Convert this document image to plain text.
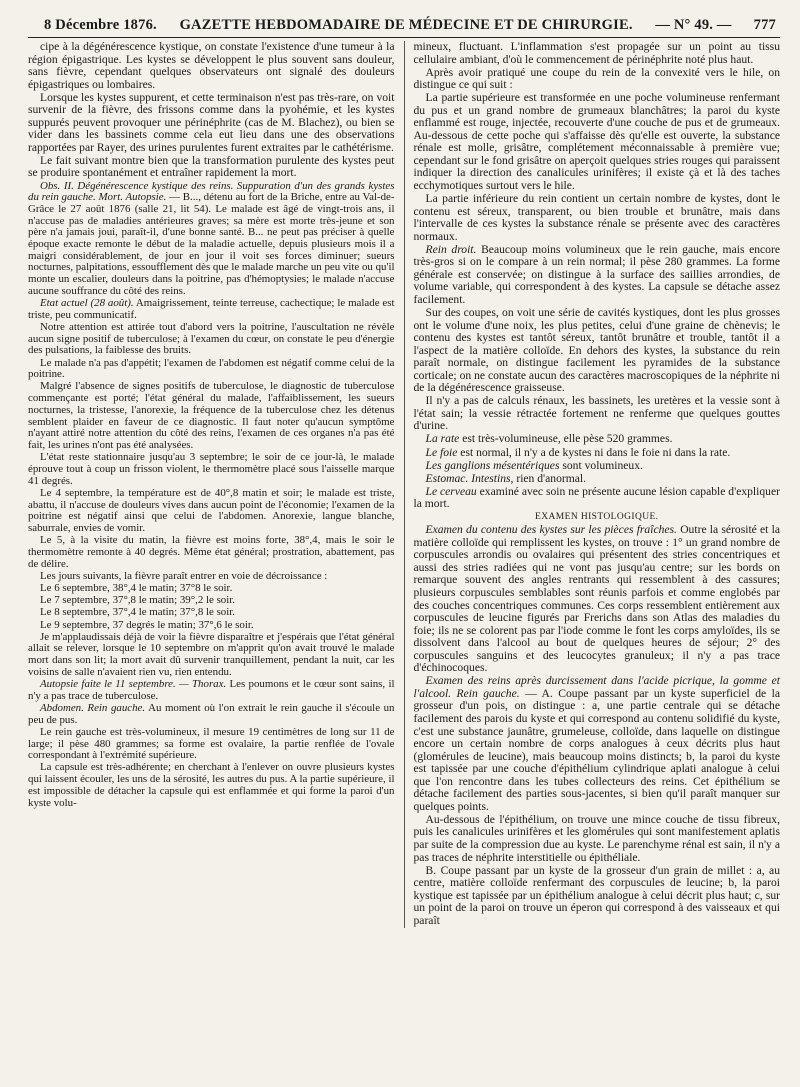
8 Décembre 1876. GAZETTE HEBDOMADAIRE DE MÉDECINE ET DE CHIRURGIE. — N° 49. — 777

cipe à la dégénérescence kystique, on constate l'existence d'une tumeur à la région épigastrique. Les kystes se développent le plus souvent sans douleur, sans fièvre, cependant quelques observateurs ont signalé des douleurs épigastriques ou lombaires.

Lorsque les kystes suppurent, et cette terminaison n'est pas très-rare, on voit survenir de la fièvre, des frissons comme dans la pyohémie, et les kystes suppurés peuvent provoquer une périnéphrite (cas de M. Blachez), ou bien se vider dans les bassinets comme cela eut lieu dans une des observations rapportées par Rayer, des urines purulentes furent extraites par le cathétérisme.

Le fait suivant montre bien que la transformation purulente des kystes peut se produire spontanément et entraîner rapidement la mort.

Obs. II. Dégénérescence kystique des reins. Suppuration d'un des grands kystes du rein gauche. Mort. Autopsie. — B..., détenu au fort de la Briche, entre au Val-de-Grâce le 27 août 1876 (salle 21, lit 54). Le malade est âgé de vingt-trois ans, il n'accuse pas de maladies antérieures graves; sa mère est morte très-jeune et son père n'a jamais joui, paraît-il, d'une bonne santé. B... ne peut pas préciser à quelle époque exacte remonte le début de la maladie actuelle, depuis plusieurs mois il a maigri considérablement, de jour en jour il voit ses forces diminuer; sueurs nocturnes, palpitations, essoufflement dès que le malade marche un peu vite ou qu'il monte un escalier, douleurs dans la poitrine, pas d'hémoptysies; le malade n'accuse aucune souffrance du côté des reins.

Etat actuel (28 août). Amaigrissement, teinte terreuse, cachectique; le malade est triste, peu communicatif.

Notre attention est attirée tout d'abord vers la poitrine, l'auscultation ne révèle aucun signe positif de tuberculose; à l'examen du cœur, on constate le peu d'énergie des pulsations, la faiblesse des bruits.

Le malade n'a pas d'appétit; l'examen de l'abdomen est négatif comme celui de la poitrine.

Malgré l'absence de signes positifs de tuberculose, le diagnostic de tuberculose commençante est porté; l'état général du malade, l'affaiblissement, les sueurs nocturnes, la tristesse, l'anorexie, la fréquence de la tuberculose chez les détenus semblent plaider en faveur de ce diagnostic. Il faut noter qu'aucun symptôme n'ayant attiré notre attention du côté des reins, l'examen de ces organes n'a pas été fait, les urines n'ont pas été analysées.

L'état reste stationnaire jusqu'au 3 septembre; le soir de ce jour-là, le malade éprouve tout à coup un frisson violent, le thermomètre placé sous l'aisselle marque 41 degrés.

Le 4 septembre, la température est de 40°,8 matin et soir; le malade est triste, abattu, il n'accuse de douleurs vives dans aucun point de l'économie; l'examen de la poitrine est négatif ainsi que celui de l'abdomen. Anorexie, langue blanche, saburrale, envies de vomir.

Le 5, à la visite du matin, la fièvre est moins forte, 38°,4, mais le soir le thermomètre remonte à 40 degrés. Même état général; prostration, abattement, pas de délire.

Les jours suivants, la fièvre paraît entrer en voie de décroissance :

Le 6 septembre, 38°,4 le matin; 37°8 le soir.

Le 7 septembre, 37°,8 le matin; 39°,2 le soir.

Le 8 septembre, 37°,4 le matin; 37°,8 le soir.

Le 9 septembre, 37 degrés le matin; 37°,6 le soir.

Je m'applaudissais déjà de voir la fièvre disparaître et j'espérais que l'état général allait se relever, lorsque le 10 septembre on m'apprit qu'on avait trouvé le malade mort dans son lit; la mort avait dû survenir tranquillement, pendant la nuit, car les voisins de salle n'avaient rien vu, rien entendu.

Autopsie faite le 11 septembre. — Thorax. Les poumons et le cœur sont sains, il n'y a pas trace de tuberculose.

Abdomen. Rein gauche. Au moment où l'on extrait le rein gauche il s'écoule un peu de pus.

Le rein gauche est très-volumineux, il mesure 19 centimètres de long sur 11 de large; il pèse 480 grammes; sa forme est ovalaire, la partie renflée de l'ovale correspondant à l'extrémité supérieure.

La capsule est très-adhérente; en cherchant à l'enlever on ouvre plusieurs kystes qui laissent écouler, les uns de la sérosité, les autres du pus. A la partie supérieure, il est impossible de détacher la capsule qui est enflammée et qui forme la paroi d'un kyste volu-

mineux, fluctuant. L'inflammation s'est propagée sur un point au tissu cellulaire ambiant, d'où le commencement de périnéphrite noté plus haut.

Après avoir pratiqué une coupe du rein de la convexité vers le hile, on distingue ce qui suit :

La partie supérieure est transformée en une poche volumineuse renfermant du pus et un grand nombre de grumeaux blanchâtres; la paroi du kyste enflammé est rouge, injectée, recouverte d'une couche de pus et de grumeaux. Au-dessous de cette poche qui s'affaisse dès qu'elle est ouverte, la substance rénale est molle, grisâtre, complétement méconnaissable à première vue; cependant sur le fond grisâtre on aperçoit quelques stries rouges qui paraissent indiquer la direction des canalicules urinifères; il existe çà et là des taches ecchymotiques surtout vers le hile.

La partie inférieure du rein contient un certain nombre de kystes, dont le contenu est séreux, transparent, ou bien trouble et brunâtre, mais dans l'intervalle de ces kystes la substance rénale se présente avec des caractères normaux.

Rein droit. Beaucoup moins volumineux que le rein gauche, mais encore très-gros si on le compare à un rein normal; il pèse 280 grammes. La forme générale est conservée; on distingue à la surface des saillies arrondies, de volume variable, qui correspondent à des kystes. La capsule se détache assez facilement.

Sur des coupes, on voit une série de cavités kystiques, dont les plus grosses ont le volume d'une noix, les plus petites, celui d'une graine de chènevis; le contenu des kystes est tantôt séreux, tantôt brunâtre et trouble, tantôt il a l'aspect de la matière colloïde. En dehors des kystes, la substance du rein paraît normale, on distingue facilement les pyramides de la substance corticale; on ne constate aucun des caractères macroscopiques de la néphrite ni de la dégénérescence graisseuse.

Il n'y a pas de calculs rénaux, les bassinets, les uretères et la vessie sont à l'état sain; la vessie rétractée fortement ne renferme que quelques gouttes d'urine.

La rate est très-volumineuse, elle pèse 520 grammes.

Le foie est normal, il n'y a de kystes ni dans le foie ni dans la rate.

Les ganglions mésentériques sont volumineux.

Estomac. Intestins, rien d'anormal.

Le cerveau examiné avec soin ne présente aucune lésion capable d'expliquer la mort.

EXAMEN HISTOLOGIQUE.

Examen du contenu des kystes sur les pièces fraîches. Outre la sérosité et la matière colloïde qui remplissent les kystes, on trouve : 1° un grand nombre de corpuscules arrondis ou ovalaires qui présentent des stries concentriques et aussi des stries radiées qui ne vont pas jusqu'au centre; sur les bords on remarque souvent des angles rentrants qui ressemblent à des cassures; plusieurs corpuscules semblables sont réunis parfois et comme englobés par des couches concentriques communes. Ces corps ressemblent entièrement aux corpuscules de leucine figurés par Frerichs dans son Atlas des maladies du foie; ils ne se colorent pas par l'iode comme le font les corps amyloïdes, ils se dissolvent dans l'alcool au bout de quelques heures de séjour; 2° des corpuscules sanguins et des leucocytes granuleux; il n'y a pas trace d'échinocoques.

Examen des reins après durcissement dans l'acide picrique, la gomme et l'alcool. Rein gauche. — A. Coupe passant par un kyste superficiel de la grosseur d'un pois, on distingue : a, une partie centrale qui se détache facilement des parois du kyste et qui correspond au contenu solidifié du kyste, c'est une substance jaunâtre, grumeleuse, colloïde, dans laquelle on distingue encore un certain nombre de corps analogues à ceux décrits plus haut (glomérules de leucine), mais beaucoup moins distincts; b, la paroi du kyste est tapissée par une couche d'épithélium cylindrique aplati analogue à celui que l'on rencontre dans les tubes collecteurs des reins. Cet épithélium se détache facilement des parties sous-jacentes, si bien qu'il paraît manquer sur quelques points.

Au-dessous de l'épithélium, on trouve une mince couche de tissu fibreux, puis les canalicules urinifères et les glomérules qui sont manifestement aplatis par suite de la compression due au kyste. Le parenchyme rénal est sain, il n'y a pas traces de néphrite interstitielle ou épithéliale.

B. Coupe passant par un kyste de la grosseur d'un grain de millet : a, au centre, matière colloïde renfermant des corpuscules de leucine; b, la paroi kystique est tapissée par un épithélium analogue à celui décrit plus haut; c, sur un point de la paroi on trouve un éperon qui correspond à des vaisseaux et qui paraît
